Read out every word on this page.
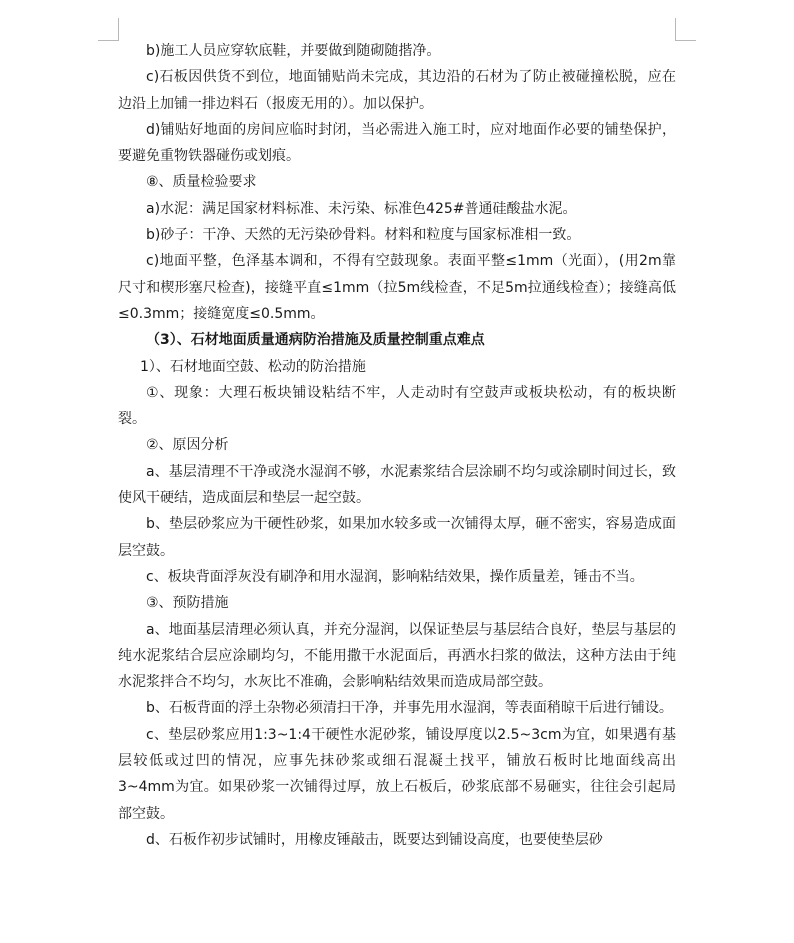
b)施工人员应穿软底鞋，并要做到随砌随揩净。

c)石板因供货不到位，地面铺贴尚未完成，其边沿的石材为了防止被碰撞松脱，应在边沿上加铺一排边料石（报废无用的）。加以保护。

d)铺贴好地面的房间应临时封闭，当必需进入施工时，应对地面作必要的铺垫保护，要避免重物铁器碰伤或划痕。

⑧、质量检验要求

a)水泥：满足国家材料标准、未污染、标准色425#普通硅酸盐水泥。

b)砂子：干净、天然的无污染砂骨料。材料和粒度与国家标准相一致。

c)地面平整，色泽基本调和，不得有空鼓现象。表面平整≤1mm（光面），(用2m靠尺寸和楔形塞尺检查)，接缝平直≤1mm（拉5m线检查，不足5m拉通线检查）；接缝高低≤0.3mm；接缝宽度≤0.5mm。

（3）、石材地面质量通病防治措施及质量控制重点难点

1）、石材地面空鼓、松动的防治措施

①、现象：大理石板块铺设粘结不牢，人走动时有空鼓声或板块松动，有的板块断裂。

②、原因分析

a、基层清理不干净或浇水湿润不够，水泥素浆结合层涂刷不均匀或涂刷时间过长，致使风干硬结，造成面层和垫层一起空鼓。

b、垫层砂浆应为干硬性砂浆，如果加水较多或一次铺得太厚，砸不密实，容易造成面层空鼓。

c、板块背面浮灰没有刷净和用水湿润，影响粘结效果，操作质量差，锤击不当。

③、预防措施

a、地面基层清理必须认真，并充分湿润，以保证垫层与基层结合良好，垫层与基层的纯水泥浆结合层应涂刷均匀，不能用撒干水泥面后，再洒水扫浆的做法，这种方法由于纯水泥浆拌合不均匀，水灰比不准确，会影响粘结效果而造成局部空鼓。

b、石板背面的浮土杂物必须清扫干净，并事先用水湿润，等表面稍晾干后进行铺设。

c、垫层砂浆应用1:3~1:4干硬性水泥砂浆，铺设厚度以2.5~3cm为宜，如果遇有基层较低或过凹的情况，应事先抹砂浆或细石混凝土找平，铺放石板时比地面线高出3~4mm为宜。如果砂浆一次铺得过厚，放上石板后，砂浆底部不易砸实，往往会引起局部空鼓。

d、石板作初步试铺时，用橡皮锤敲击，既要达到铺设高度，也要使垫层砂
